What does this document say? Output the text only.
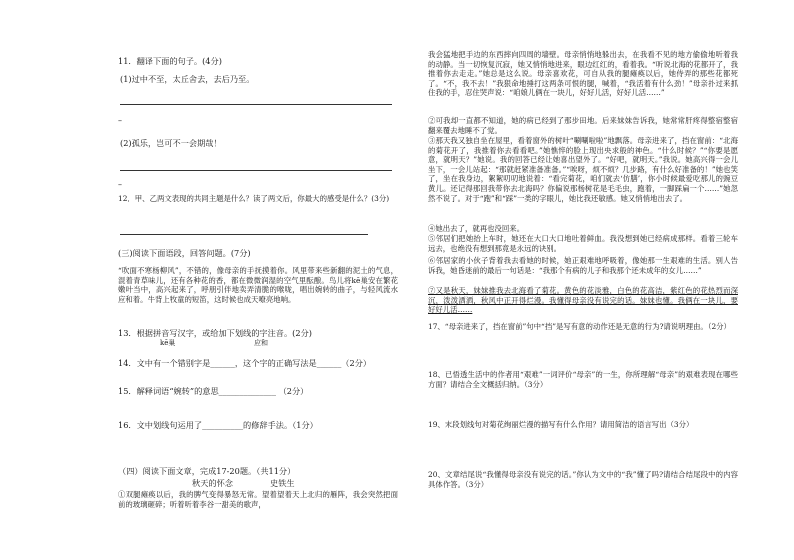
11．翻译下面的句子。(4分)
(1)过中不至，太丘舍去，去后乃至。
–
(2)孤乐，岂可不一会期哉！
–
12．甲、乙两文表现的共同主题是什么？读了两文后，你最大的感受是什么？(3分)
(三)阅读下面语段，回答问题。(7分)
“吹面不寒杨柳风”，不错的，像母亲的手抚摸着你。风里带来些新翻的泥土的气息，混着青草味儿，还有各种花的香，都在微微润湿的空气里酝酿。鸟儿将kē巢安在繁花嫩叶当中，高兴起来了，呼朋引伴地卖弄清脆的喉咙，唱出婉转的曲子，与轻风流水应和着。牛背上牧童的短笛，这时候也成天嘹亮地响。
13．根据拼音写汉字，或给加下划线的字注音。(2分)
kē巢	应和
14．文中有一个错别字是______，这个字的正确写法是______（2分）
15．解释词语“婉转”的意思______________ （2分）
16．文中划线句运用了__________的修辞手法。（1分）
（四）阅读下面文章，完成17-20题。（共11分）
秋天的怀念	史铁生
①双腿瘫痪以后，我的脾气变得暴怒无常。望着望着天上北归的雁阵，我会突然把面前的玻璃砸碎；听着听着李谷一甜美的歌声，
我会猛地把手边的东西摔向四周的墙壁。母亲悄悄地躲出去，在我看不见的地方偷偷地听着我的动静。当一切恢复沉寂，她又悄悄地进来，眼边红红的，看着我。“听说北海的花都开了，我推着你去走走。”她总是这么说。母亲喜欢花，可自从我的腿瘫痪以后，她侍弄的那些花都死了。“不，我不去！”我狠命地捶打这两条可恨的腿，喊着，“我活着有什么劲！”母亲扑过来抓住我的手，忍住哭声说：“咱娘儿俩在一块儿，好好儿活，好好儿活……”
②可我却一直都不知道，她的病已经到了那步田地。后来妹妹告诉我，她常常肝疼得整宿整宿翻来覆去地睡不了觉。
③那天我又独自坐在屋里，看着窗外的树叶“唰唰啦啦”地飘落。母亲进来了，挡在窗前：“北海的菊花开了，我推着你去看看吧。”她憔悴的脸上现出央求般的神色。“什么时候？”“你要是愿意，就明天？”她说。我的回答已经让她喜出望外了。“好吧，就明天。”我说。她高兴得一会儿坐下，一会儿站起：“那就赶紧准备准备。”“唉呀，烦不烦？几步路，有什么好准备的！”她也笑了，坐在我身边，絮絮叨叨地说着：“看完菊花，咱们就去‘仿膳’，你小时候最爱吃那儿的豌豆黄儿。还记得那回我带你去北海吗？你偏说那杨树花是毛毛虫，跑着，一脚踩扁一个……”她忽然不说了。对于“跑”和“踩”一类的字眼儿，她比我还敏感。她又悄悄地出去了。
④她出去了，就再也没回来。
⑤邻居们把她抬上车时，她还在大口大口地吐着鲜血。我没想到她已经病成那样。看着三轮车远去，也绝没有想到那竟是永远的诀别。
⑥邻居家的小伙子背着我去看她的时候，她正艰难地呼吸着，像她那一生艰难的生活。别人告诉我，她昏迷前的最后一句话是：“我那个有病的儿子和我那个还未成年的女儿……”
⑦又是秋天，妹妹推我去北海看了菊花。黄色的花淡雅，白色的花高洁，紫红色的花热烈而深沉，泼泼洒洒，秋风中正开得烂漫。我懂得母亲没有说完的话。妹妹也懂。我俩在一块儿，要好好儿活……
17、“母亲进来了，挡在窗前”句中“挡”是写有意的动作还是无意的行为?请说明理由。（2分）
18、已悟透生活中的作者用“艰难”一词评价“母亲”的一生，你所理解“母亲”的艰难表现在哪些方面？请结合全文概括归纳。（3分）
19、末段划线句对菊花绚丽烂漫的描写有什么作用？请用简洁的语言写出（3分）
20、文章结尾说“我懂得母亲没有说完的话。”你认为文中的“我”懂了吗?请结合结尾段中的内容具体作答。（3分）
